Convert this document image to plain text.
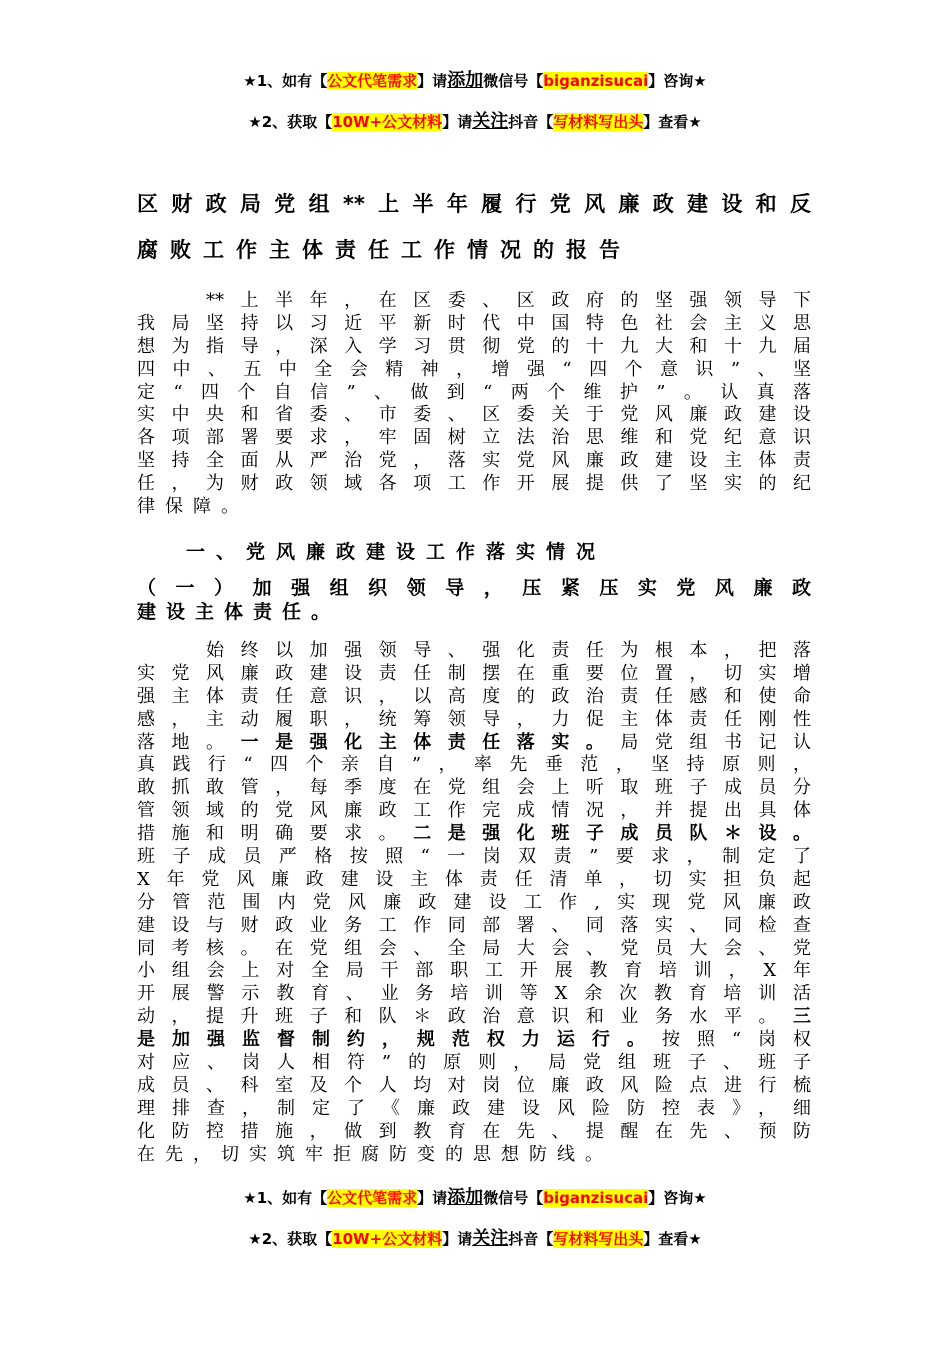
★1、如有【公文代笔需求】请添加微信号【biganzisucai】咨询★
★2、获取【10W+公文材料】请关注抖音【写材料写出头】查看★
区财政局党组**上半年履行党风廉政建设和反
腐败工作主体责任工作情况的报告
　　**上半年，在区委、区政府的坚强领导下
我局坚持以习近平新时代中国特色社会主义思
想为指导，深入学习贯彻党的十九大和十九届
四中、五中全会精神，增强“四个意识”、坚
定“四个自信”、做到“两个维护”。认真落
实中央和省委、市委、区委关于党风廉政建设
各项部署要求，牢固树立法治思维和党纪意识
坚持全面从严治党，落实党风廉政建设主体责
任，为财政领域各项工作开展提供了坚实的纪
律保障。
一、党风廉政建设工作落实情况
（一）加强组织领导，压紧压实党风廉政
建设主体责任。
　　始终以加强领导、强化责任为根本，把落
实党风廉政建设责任制摆在重要位置，切实增
强主体责任意识，以高度的政治责任感和使命
感，主动履职，统筹领导，力促主体责任刚性
落地。一是强化主体责任落实。局党组书记认
真践行“四个亲自”，率先垂范，坚持原则，
敢抓敢管，每季度在党组会上听取班子成员分
管领域的党风廉政工作完成情况，并提出具体
措施和明确要求。二是强化班子成员队＊设。
班子成员严格按照“一岗双责”要求，制定了
X年党风廉政建设主体责任清单，切实担负起
分管范围内党风廉政建设工作,实现党风廉政
建设与财政业务工作同部署、同落实、同检查
同考核。在党组会、全局大会、党员大会、党
小组会上对全局干部职工开展教育培训，X年
开展警示教育、业务培训等X余次教育培训活
动，提升班子和队＊政治意识和业务水平。三
是加强监督制约，规范权力运行。按照“岗权
对应、岗人相符”的原则，局党组班子、班子
成员、科室及个人均对岗位廉政风险点进行梳
理排查，制定了《廉政建设风险防控表》，细
化防控措施，做到教育在先、提醒在先、预防
在先，切实筑牢拒腐防变的思想防线。
★1、如有【公文代笔需求】请添加微信号【biganzisucai】咨询★
★2、获取【10W+公文材料】请关注抖音【写材料写出头】查看★
